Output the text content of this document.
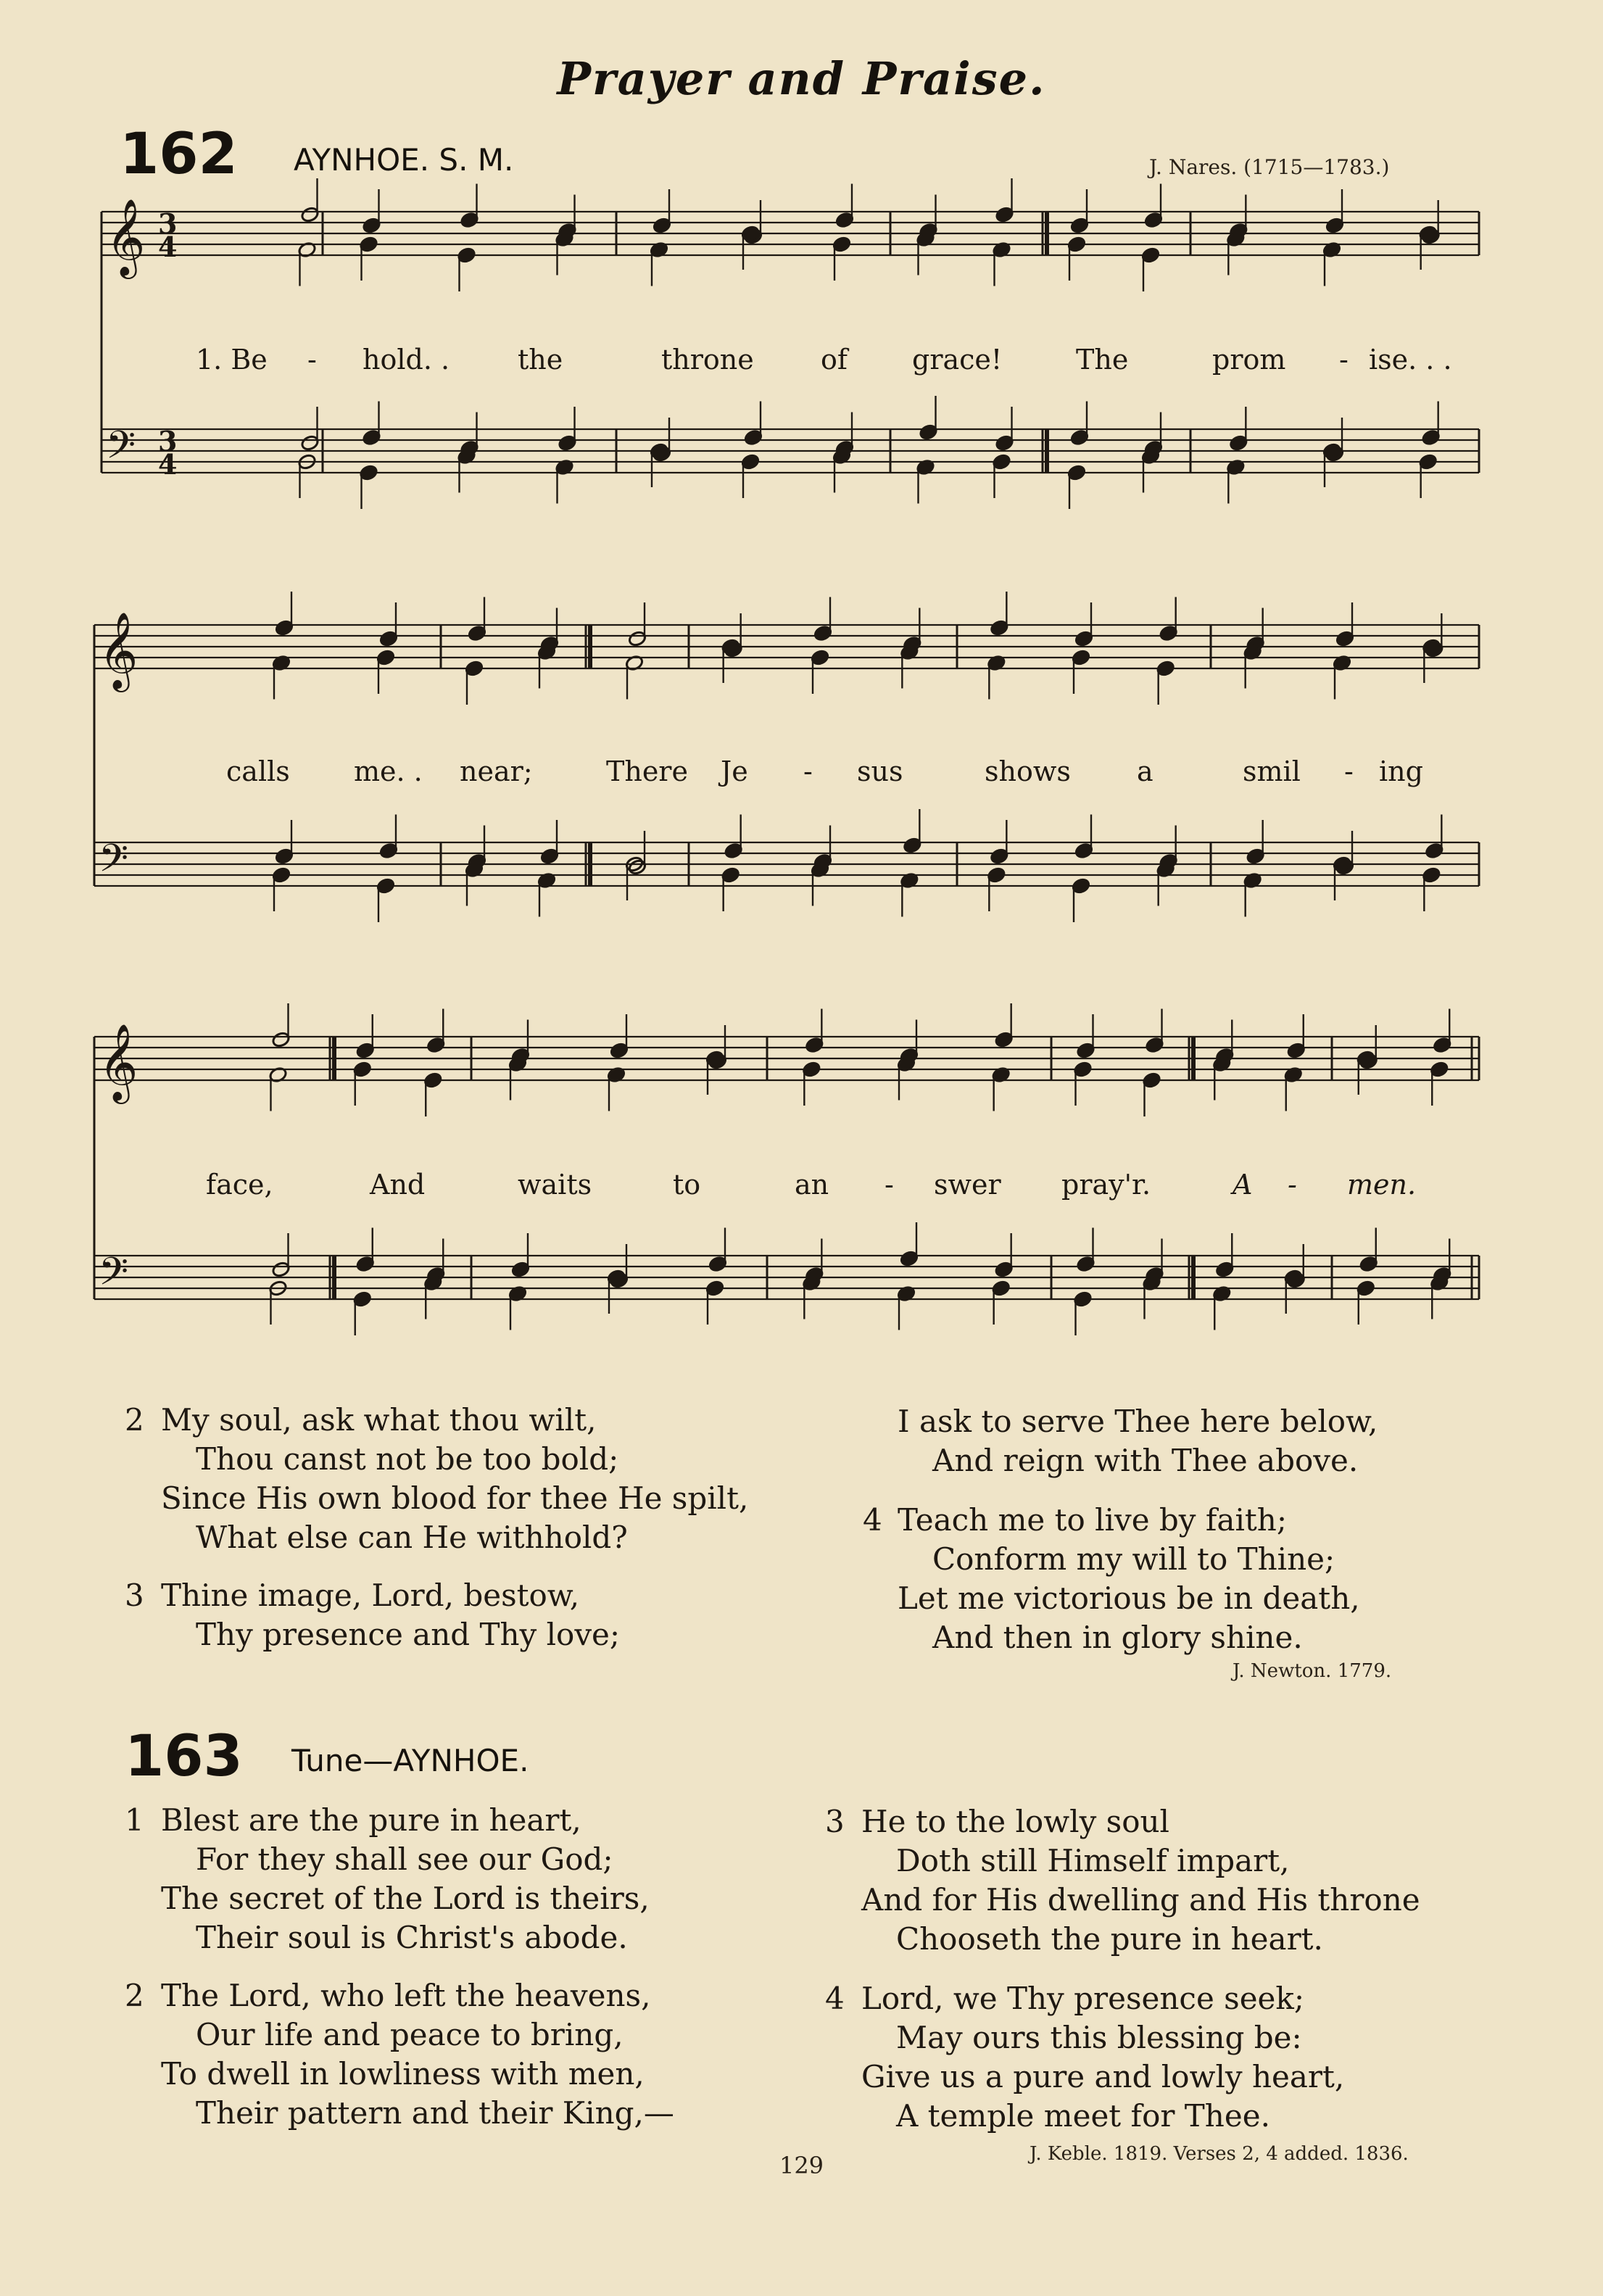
Prayer and Praise.
162 AYNHOE. S. M.	J. Nares. (1715—1783.)
𝄞
𝄢
3
4
3
4
𝄞
𝄢
𝄞
𝄢
1. Be - hold. . the	throne of grace!	The	prom - ise. . .
calls me. . near;	There Je - sus	shows a	smil - ing
face,	And	waits	to	an - swer pray'r.	A - men.
2 My soul, ask what thou wilt,
Thou canst not be too bold;
Since His own blood for thee He spilt,
What else can He withhold?
3 Thine image, Lord, bestow,
Thy presence and Thy love;
I ask to serve Thee here below,
And reign with Thee above.
4 Teach me to live by faith;
Conform my will to Thine;
Let me victorious be in death,
And then in glory shine.
J. Newton. 1779.
163 Tune—AYNHOE.
1 Blest are the pure in heart,
For they shall see our God;
The secret of the Lord is theirs,
Their soul is Christ's abode.
2 The Lord, who left the heavens,
Our life and peace to bring,
To dwell in lowliness with men,
Their pattern and their King,—
3 He to the lowly soul
Doth still Himself impart,
And for His dwelling and His throne
Chooseth the pure in heart.
4 Lord, we Thy presence seek;
May ours this blessing be:
Give us a pure and lowly heart,
A temple meet for Thee.
J. Keble. 1819. Verses 2, 4 added. 1836.
129
